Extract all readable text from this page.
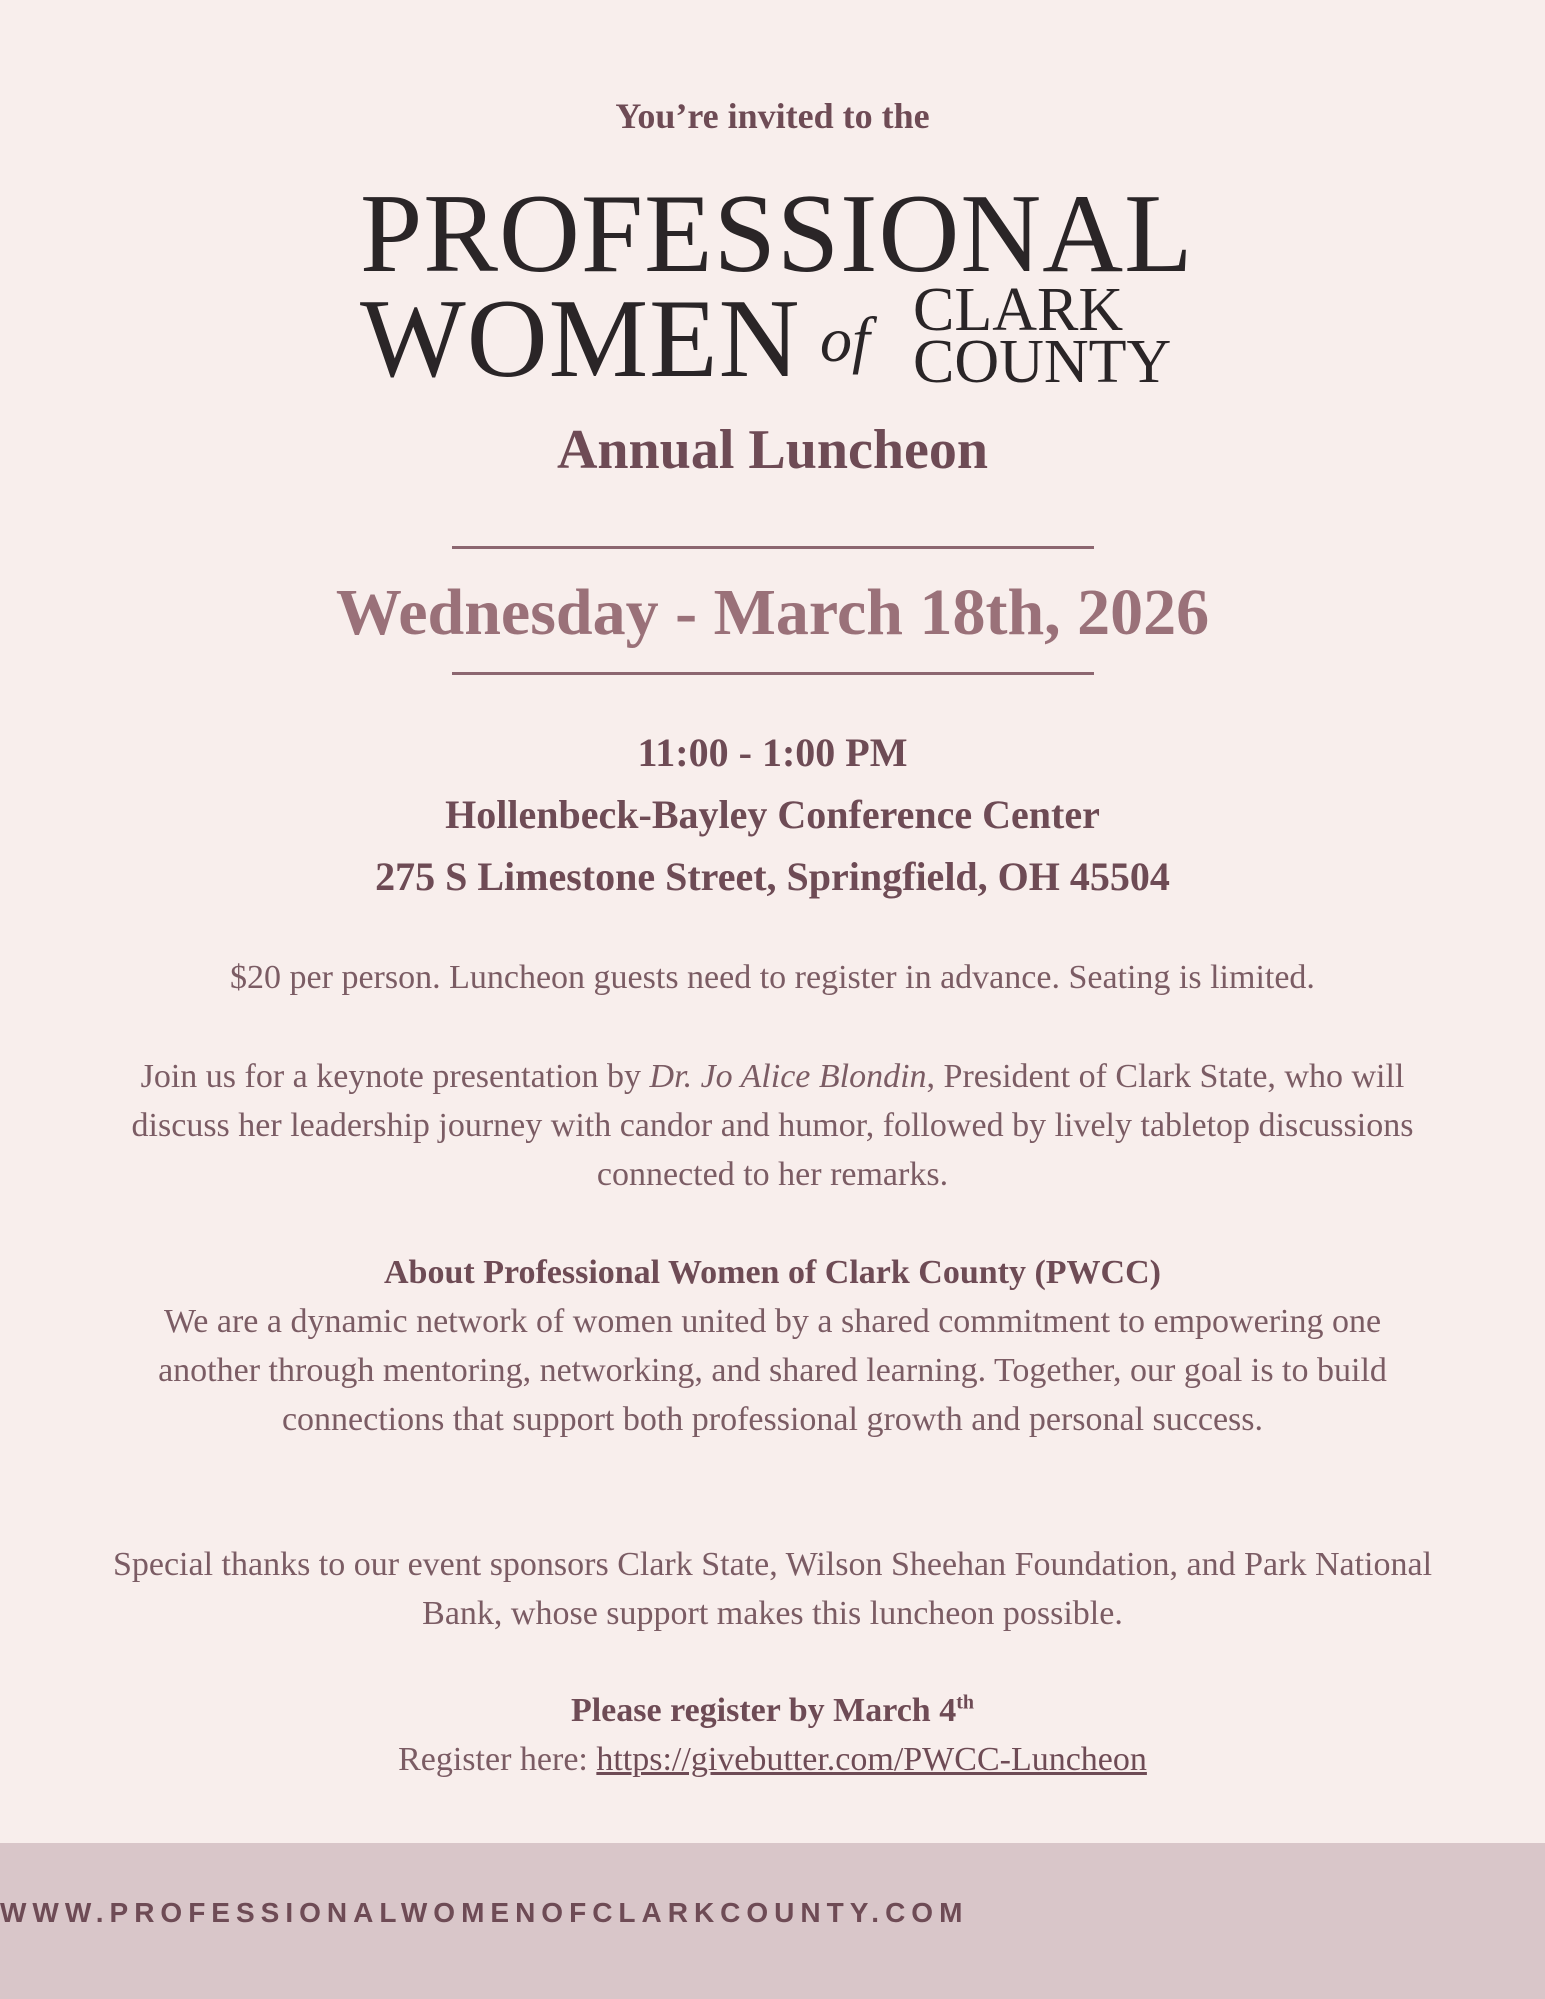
You’re invited to the

PROFESSIONAL
WOMEN of CLARK
COUNTY
Annual Luncheon
Wednesday - March 18th, 2026
11:00 - 1:00 PM
Hollenbeck-Bayley Conference Center
275 S Limestone Street, Springfield, OH 45504

$20 per person. Luncheon guests need to register in advance. Seating is limited.

Join us for a keynote presentation by Dr. Jo Alice Blondin, President of Clark State, who will discuss her leadership journey with candor and humor, followed by lively tabletop discussions connected to her remarks.

About Professional Women of Clark County (PWCC)
We are a dynamic network of women united by a shared commitment to empowering one another through mentoring, networking, and shared learning. Together, our goal is to build connections that support both professional growth and personal success.

Special thanks to our event sponsors Clark State, Wilson Sheehan Foundation, and Park National Bank, whose support makes this luncheon possible.

Please register by March 4th
Register here: https://givebutter.com/PWCC-Luncheon

WWW.PROFESSIONALWOMENOFCLARKCOUNTY.COM
